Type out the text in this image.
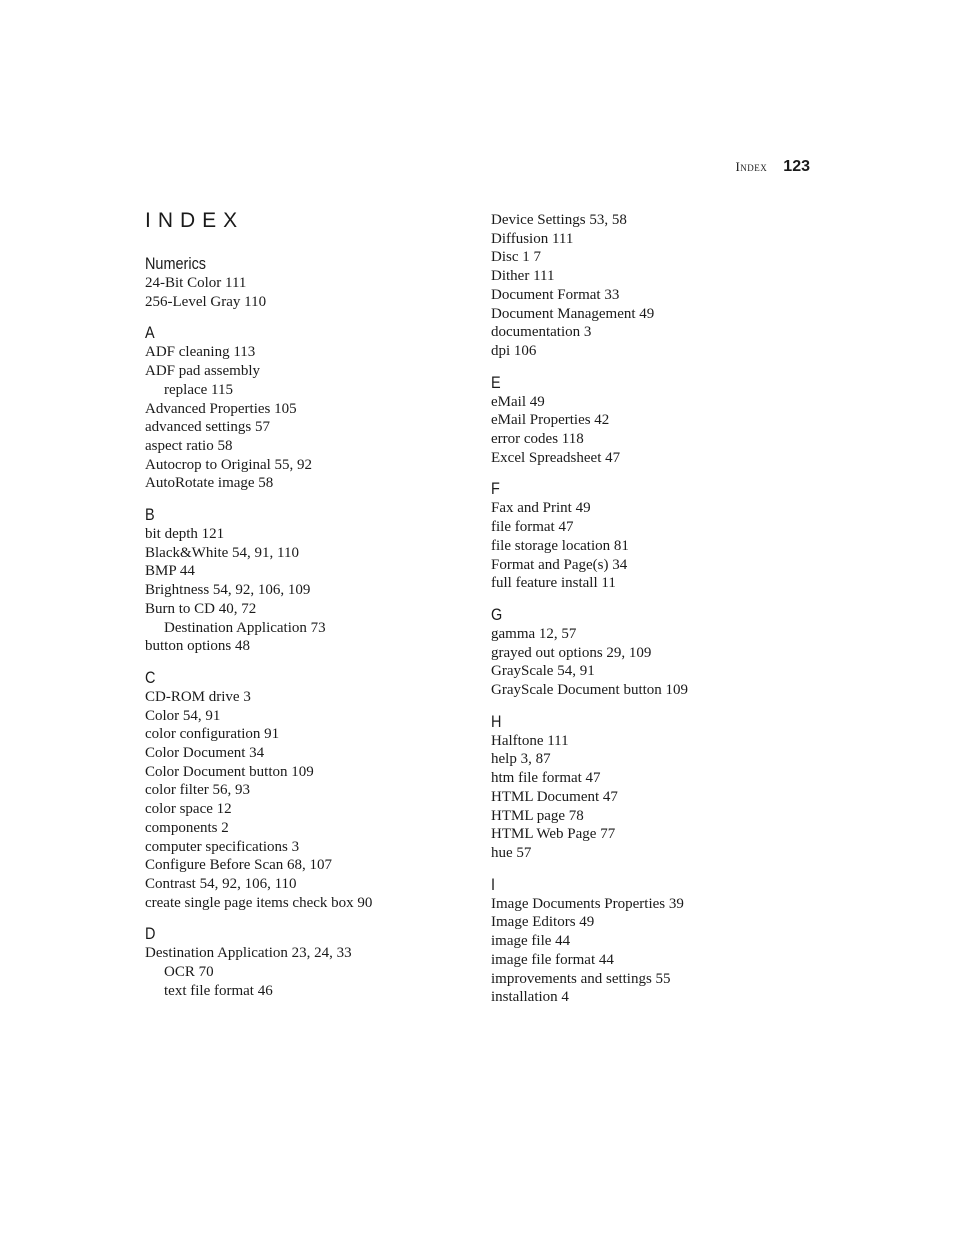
Index 123
INDEX
Numerics
24-Bit Color 111
256-Level Gray 110
A
ADF cleaning 113
ADF pad assembly
replace 115
Advanced Properties 105
advanced settings 57
aspect ratio 58
Autocrop to Original 55, 92
AutoRotate image 58
B
bit depth 121
Black&White 54, 91, 110
BMP 44
Brightness 54, 92, 106, 109
Burn to CD 40, 72
Destination Application 73
button options 48
C
CD-ROM drive 3
Color 54, 91
color configuration 91
Color Document 34
Color Document button 109
color filter 56, 93
color space 12
components 2
computer specifications 3
Configure Before Scan 68, 107
Contrast 54, 92, 106, 110
create single page items check box 90
D
Destination Application 23, 24, 33
OCR 70
text file format 46
Device Settings 53, 58
Diffusion 111
Disc 1 7
Dither 111
Document Format 33
Document Management 49
documentation 3
dpi 106
E
eMail 49
eMail Properties 42
error codes 118
Excel Spreadsheet 47
F
Fax and Print 49
file format 47
file storage location 81
Format and Page(s) 34
full feature install 11
G
gamma 12, 57
grayed out options 29, 109
GrayScale 54, 91
GrayScale Document button 109
H
Halftone 111
help 3, 87
htm file format 47
HTML Document 47
HTML page 78
HTML Web Page 77
hue 57
I
Image Documents Properties 39
Image Editors 49
image file 44
image file format 44
improvements and settings 55
installation 4
